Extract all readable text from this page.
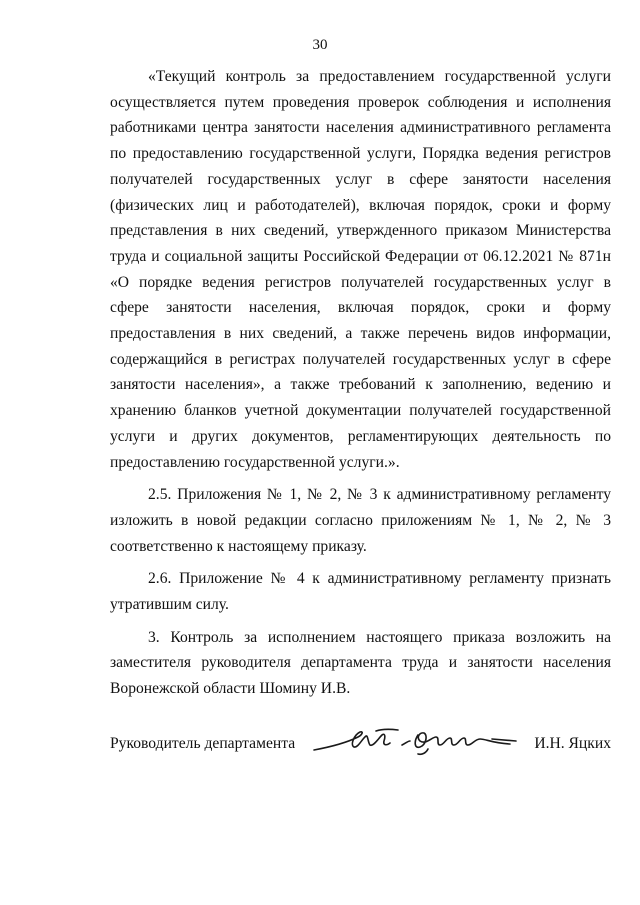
30

«Текущий контроль за предоставлением государственной услуги осуществляется путем проведения проверок соблюдения и исполнения работниками центра занятости населения административного регламента по предоставлению государственной услуги, Порядка ведения регистров получателей государственных услуг в сфере занятости населения (физических лиц и работодателей), включая порядок, сроки и форму представления в них сведений, утвержденного приказом Министерства труда и социальной защиты Российской Федерации от 06.12.2021 № 871н «О порядке ведения регистров получателей государственных услуг в сфере занятости населения, включая порядок, сроки и форму предоставления в них сведений, а также перечень видов информации, содержащийся в регистрах получателей государственных услуг в сфере занятости населения», а также требований к заполнению, ведению и хранению бланков учетной документации получателей государственной услуги и других документов, регламентирующих деятельность по предоставлению государственной услуги.».

2.5. Приложения № 1, № 2, № 3 к административному регламенту изложить в новой редакции согласно приложениям № 1, № 2, № 3 соответственно к настоящему приказу.

2.6. Приложение № 4 к административному регламенту признать утратившим силу.

3. Контроль за исполнением настоящего приказа возложить на заместителя руководителя департамента труда и занятости населения Воронежской области Шомину И.В.

Руководитель департамента	И.Н. Яцких
